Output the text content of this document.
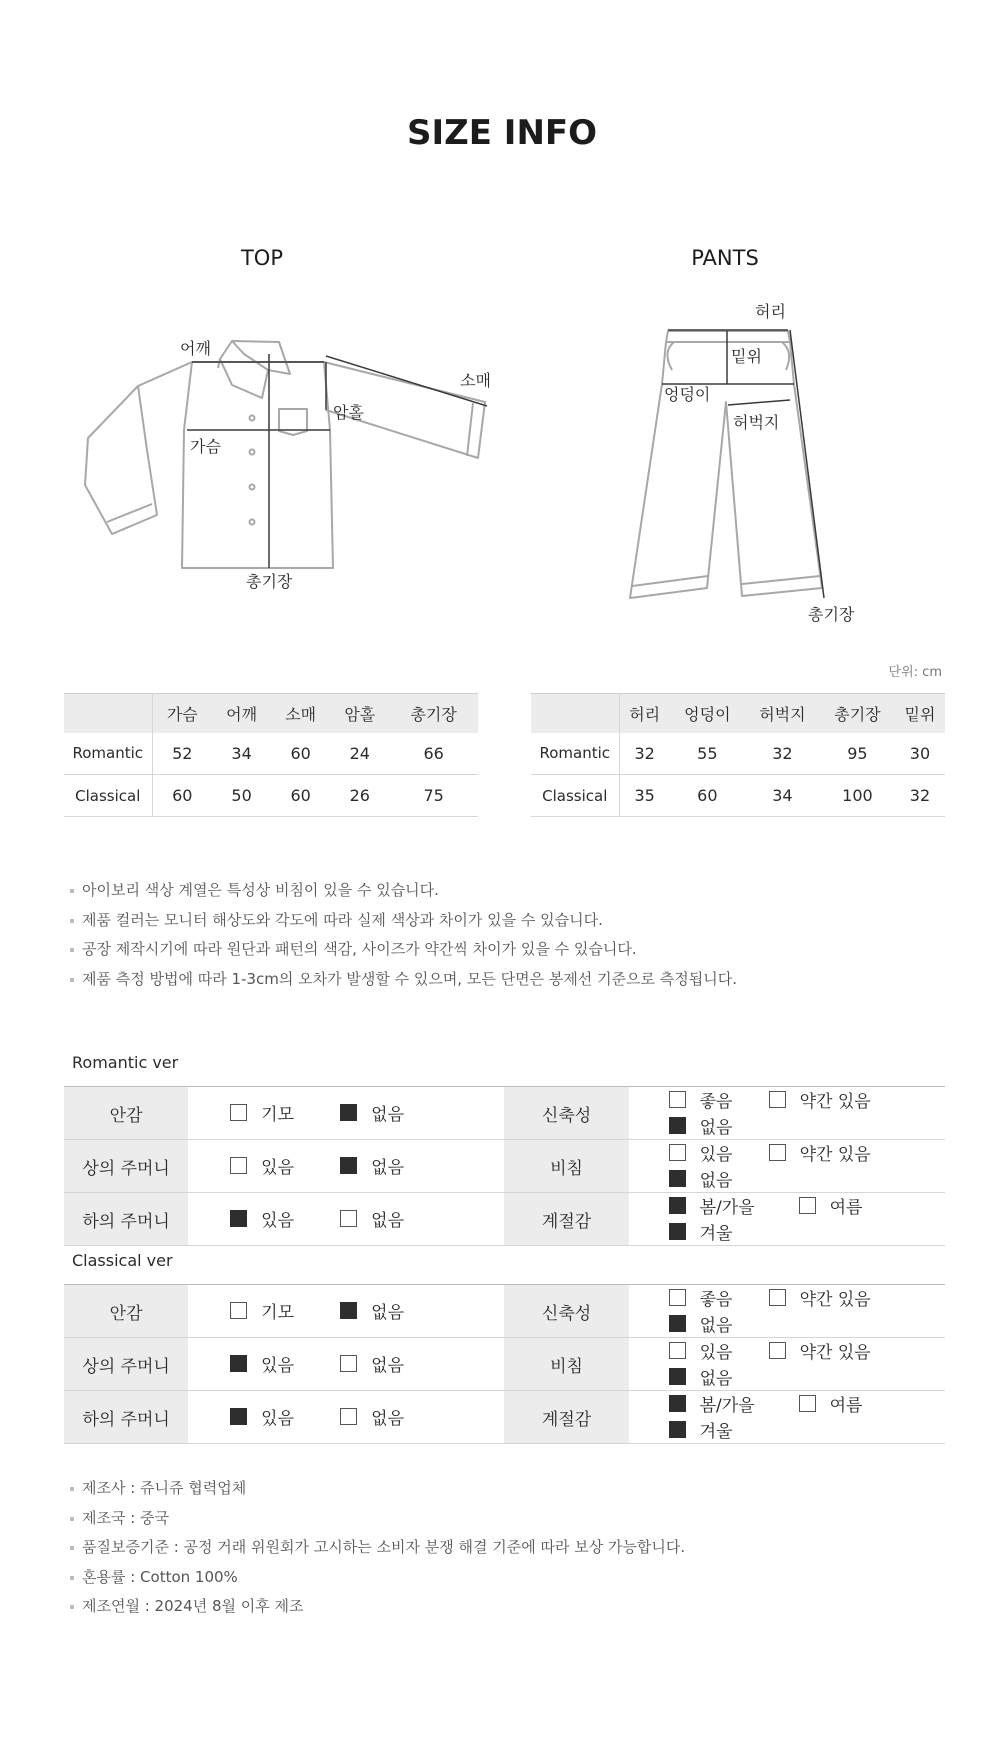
SIZE INFO
TOP	PANTS
어깨
소매
암홀
가슴
총기장
허리
밑위
엉덩이
허벅지
총기장
단위: cm
	가슴	어깨	소매	암홀	총기장
Romantic	52	34	60	24	66
Classical	60	50	60	26	75
	허리	엉덩이	허벅지	총기장	밑위
Romantic	32	55	32	95	30
Classical	35	60	34	100	32
아이보리 색상 계열은 특성상 비침이 있을 수 있습니다.
제품 컬러는 모니터 해상도와 각도에 따라 실제 색상과 차이가 있을 수 있습니다.
공장 제작시기에 따라 원단과 패턴의 색감, 사이즈가 약간씩 차이가 있을 수 있습니다.
제품 측정 방법에 따라 1-3cm의 오차가 발생할 수 있으며, 모든 단면은 봉제선 기준으로 측정됩니다.
Romantic ver
안감	기모 없음	신축성	좋음 약간 있음
없음

상의 주머니	있음 없음	비침	있음 약간 있음
없음

하의 주머니	있음 없음	계절감	봄/가을 여름
겨울
Classical ver
안감	기모 없음	신축성	좋음 약간 있음
없음

상의 주머니	있음 없음	비침	있음 약간 있음
없음

하의 주머니	있음 없음	계절감	봄/가을 여름
겨울
제조사 : 쥬니쥬 협력업체
제조국 : 중국
품질보증기준 : 공정 거래 위원회가 고시하는 소비자 분쟁 해결 기준에 따라 보상 가능합니다.
혼용률 : Cotton 100%
제조연월 : 2024년 8월 이후 제조
